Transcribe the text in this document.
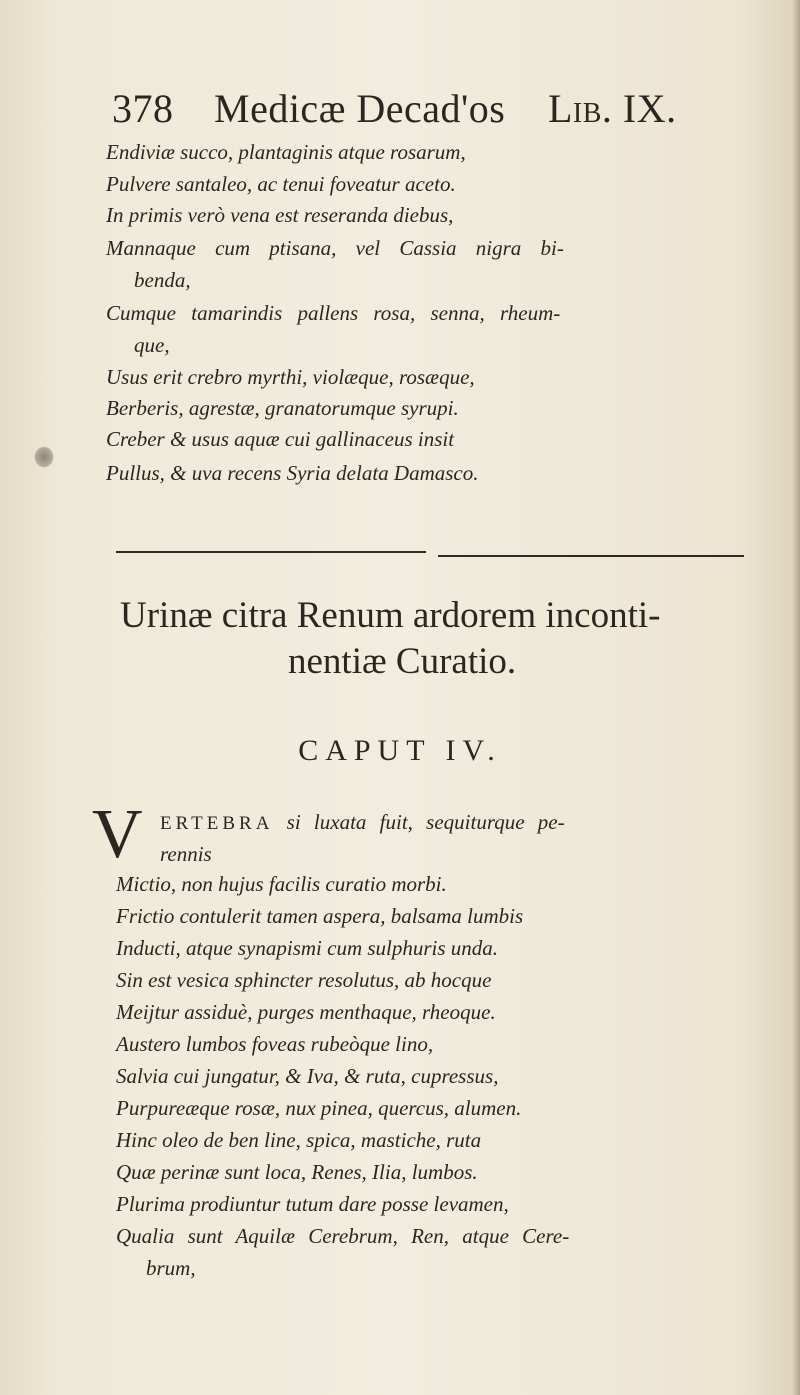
378 Medicæ Decad'os Lib. IX.
Endiviæ succo, plantaginis atque rosarum,
Pulvere santaleo, ac tenui foveatur aceto.
In primis verò vena est reseranda diebus,
Mannaque cum ptisana, vel Cassia nigra bi-
benda,
Cumque tamarindis pallens rosa, senna, rheum-
que,
Usus erit crebro myrthi, violæque, rosæque,
Berberis, agrestæ, granatorumque syrupi.
Creber & usus aquæ cui gallinaceus insit
Pullus, & uva recens Syria delata Damasco.
Urinæ citra Renum ardorem inconti-
nentiæ Curatio.
CAPUT IV.
V ERTEBRA si luxata fuit, sequiturque pe-
rennis
Mictio, non hujus facilis curatio morbi.
Frictio contulerit tamen aspera, balsama lumbis
Inducti, atque synapismi cum sulphuris unda.
Sin est vesica sphincter resolutus, ab hocque
Meijtur assiduè, purges menthaque, rheoque.
Austero lumbos foveas rubeòque lino,
Salvia cui jungatur, & Iva, & ruta, cupressus,
Purpureæque rosæ, nux pinea, quercus, alumen.
Hinc oleo de ben line, spica, mastiche, ruta
Quæ perinæ sunt loca, Renes, Ilia, lumbos.
Plurima prodiuntur tutum dare posse levamen,
Qualia sunt Aquilæ Cerebrum, Ren, atque Cere-
brum,
